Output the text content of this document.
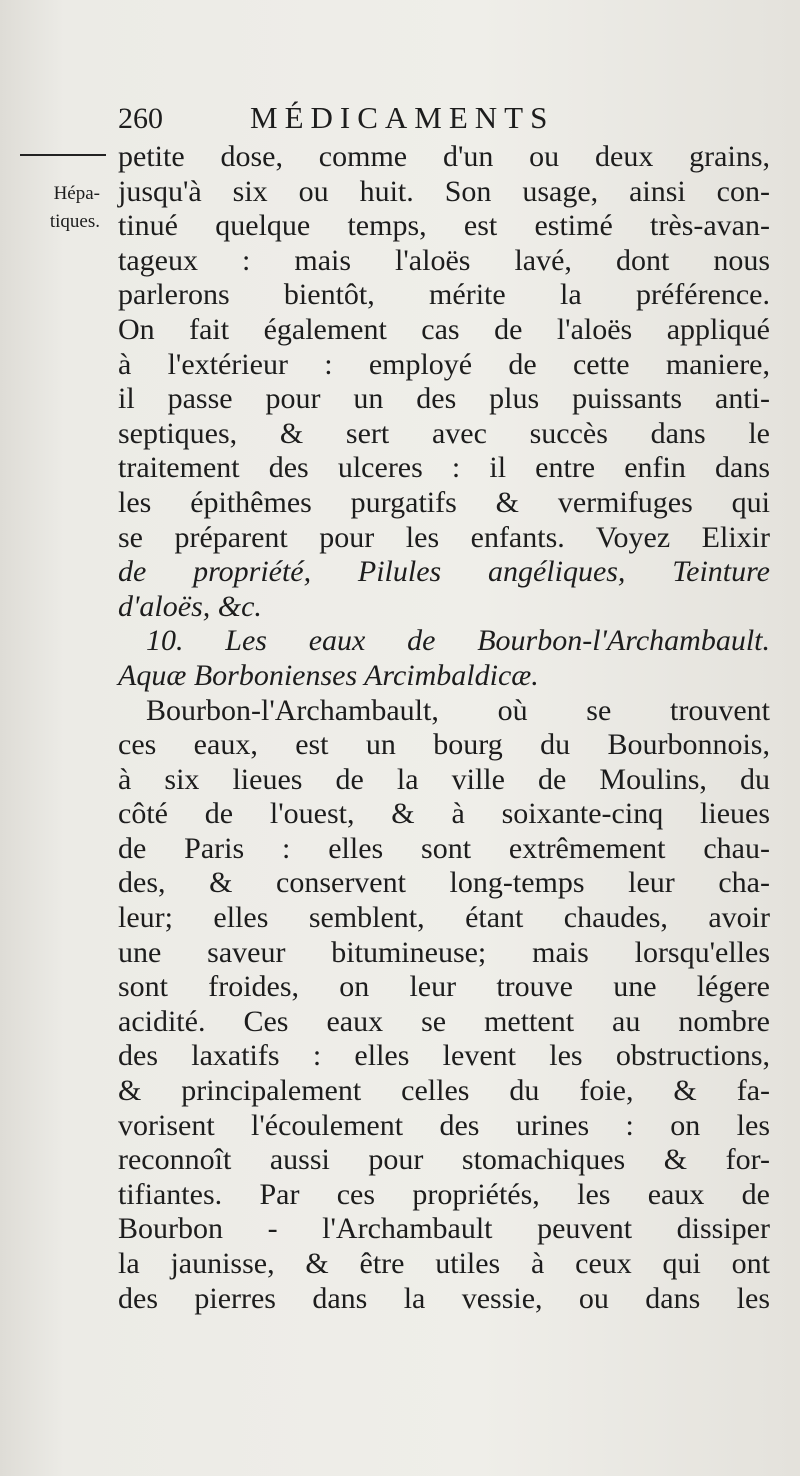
260	MÉDICAMENTS
Hépa-
tiques.
petite dose, comme d'un ou deux grains,
jusqu'à six ou huit. Son usage, ainsi con-
tinué quelque temps, est estimé très-avan-
tageux : mais l'aloës lavé, dont nous
parlerons bientôt, mérite la préférence.
On fait également cas de l'aloës appliqué
à l'extérieur : employé de cette maniere,
il passe pour un des plus puissants anti-
septiques, & sert avec succès dans le
traitement des ulceres : il entre enfin dans
les épithêmes purgatifs & vermifuges qui
se préparent pour les enfants. Voyez Elixir
de propriété, Pilules angéliques, Teinture
d'aloës, &c.
10. Les eaux de Bourbon-l'Archambault.
Aquæ Borbonienses Arcimbaldicæ.
Bourbon-l'Archambault, où se trouvent
ces eaux, est un bourg du Bourbonnois,
à six lieues de la ville de Moulins, du
côté de l'ouest, & à soixante-cinq lieues
de Paris : elles sont extrêmement chau-
des, & conservent long-temps leur cha-
leur; elles semblent, étant chaudes, avoir
une saveur bitumineuse; mais lorsqu'elles
sont froides, on leur trouve une légere
acidité. Ces eaux se mettent au nombre
des laxatifs : elles levent les obstructions,
& principalement celles du foie, & fa-
vorisent l'écoulement des urines : on les
reconnoît aussi pour stomachiques & for-
tifiantes. Par ces propriétés, les eaux de
Bourbon - l'Archambault peuvent dissiper
la jaunisse, & être utiles à ceux qui ont
des pierres dans la vessie, ou dans les
